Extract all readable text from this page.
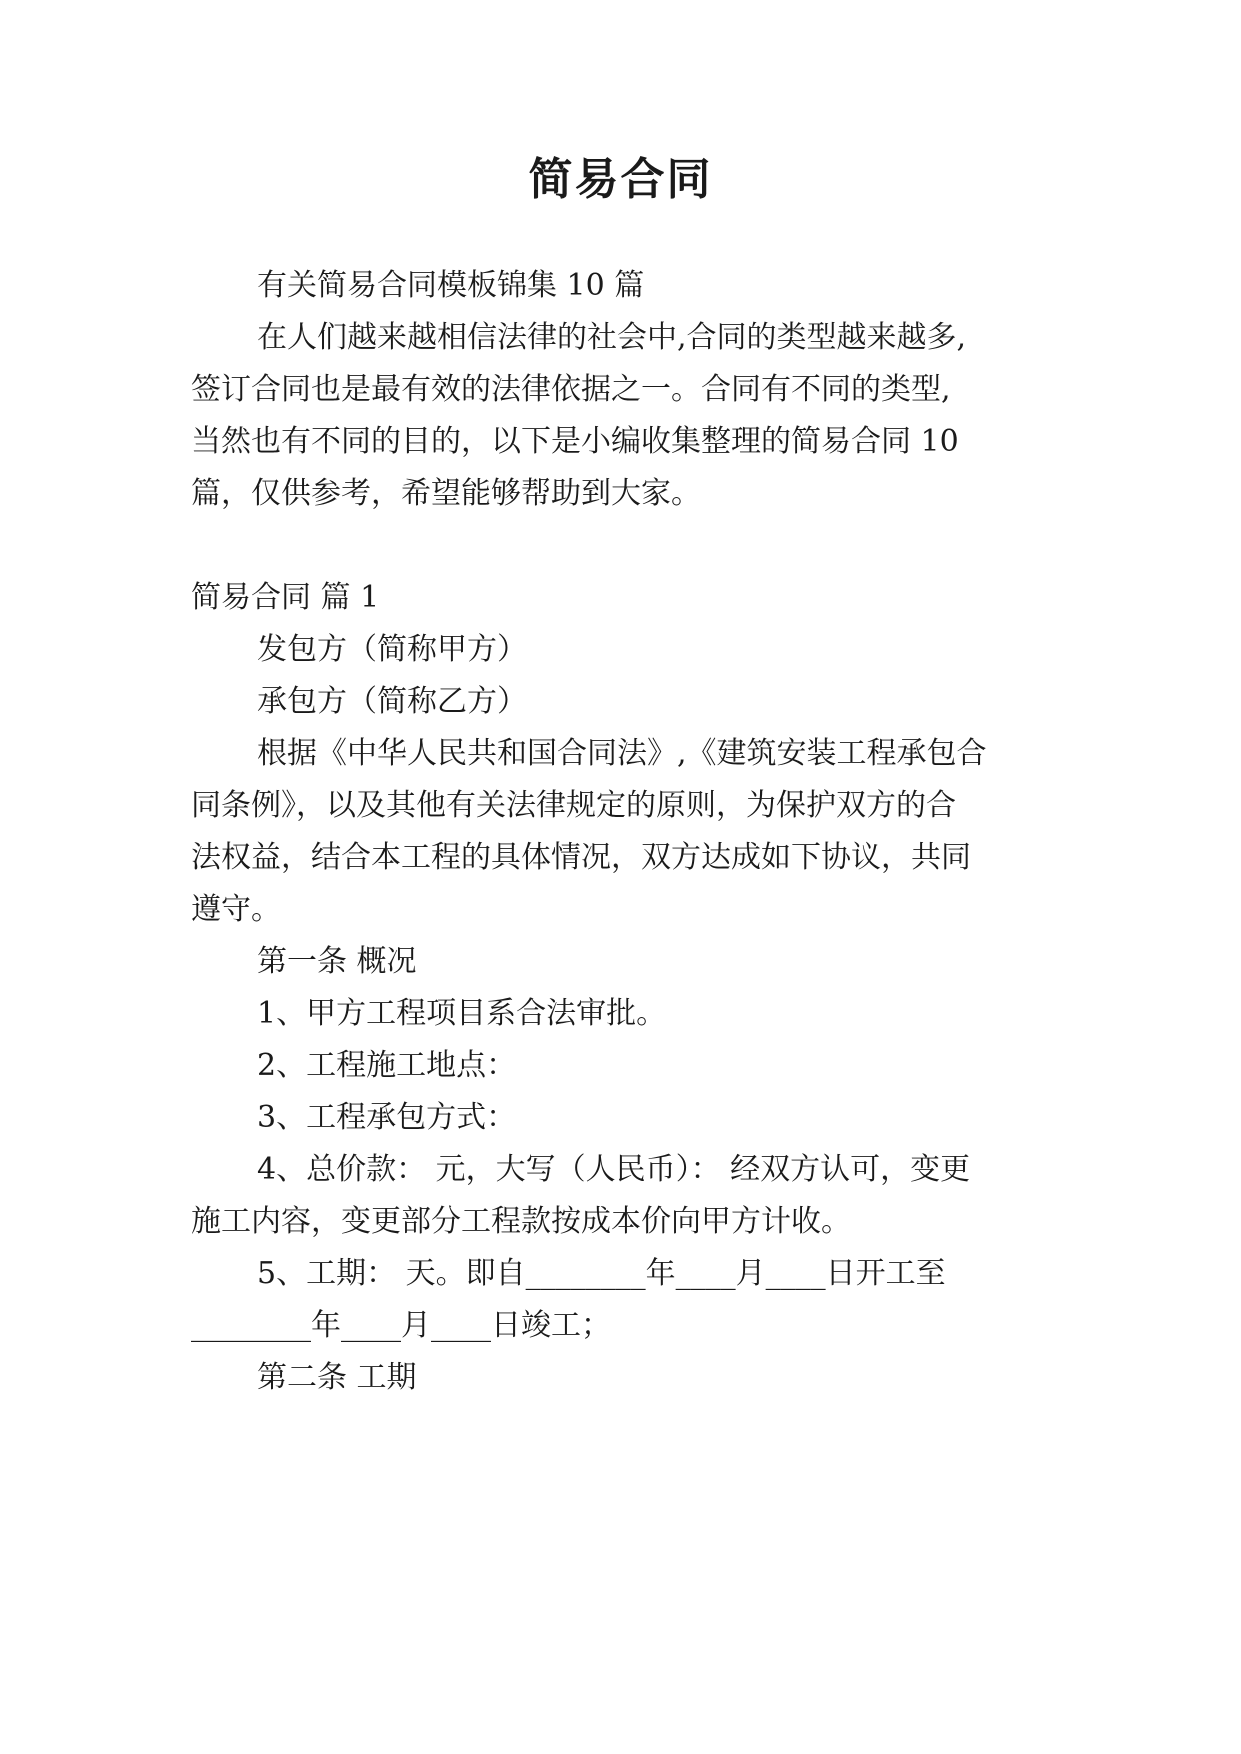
简易合同
有关简易合同模板锦集 10 篇
在人们越来越相信法律的社会中,合同的类型越来越多,
签订合同也是最有效的法律依据之一。合同有不同的类型,
当然也有不同的目的，以下是小编收集整理的简易合同 10
篇，仅供参考，希望能够帮助到大家。
简易合同 篇 1
发包方（简称甲方）
承包方（简称乙方）
根据《中华人民共和国合同法》,《建筑安装工程承包合
同条例》，以及其他有关法律规定的原则，为保护双方的合
法权益，结合本工程的具体情况，双方达成如下协议，共同
遵守。
第一条 概况
1、甲方工程项目系合法审批。
2、工程施工地点：
3、工程承包方式：
4、总价款： 元，大写（人民币）： 经双方认可，变更
施工内容，变更部分工程款按成本价向甲方计收。
5、工期： 天。即自________年____月____日开工至
________年____月____日竣工；
第二条 工期
